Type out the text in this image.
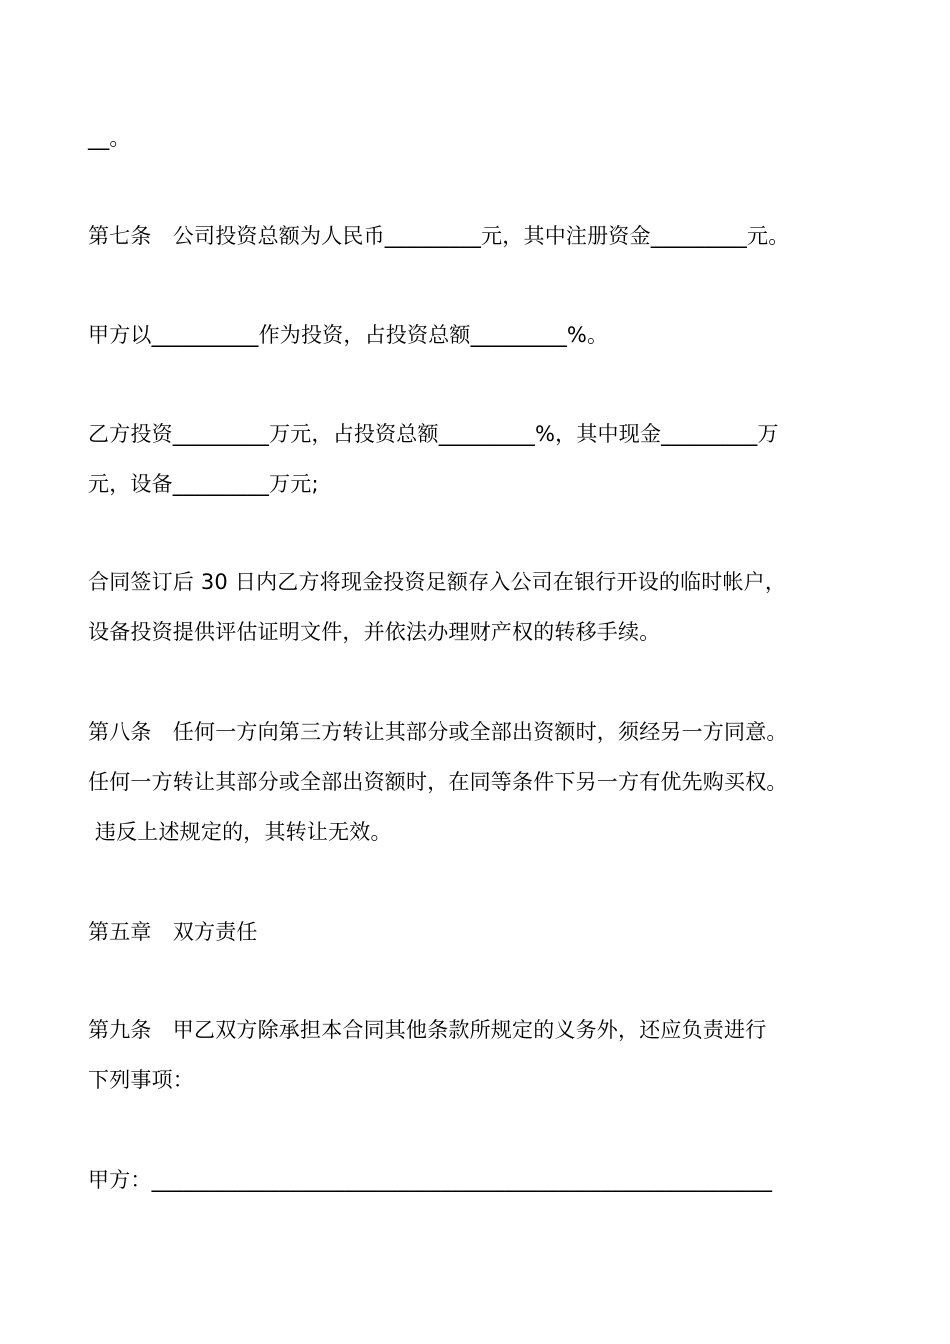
__。
第七条　公司投资总额为人民币_________元，其中注册资金_________元。
甲方以__________作为投资，占投资总额_________%。
乙方投资_________万元，占投资总额_________%，其中现金_________万
元，设备_________万元;
合同签订后 30 日内乙方将现金投资足额存入公司在银行开设的临时帐户，
设备投资提供评估证明文件，并依法办理财产权的转移手续。
第八条　任何一方向第三方转让其部分或全部出资额时，须经另一方同意。
任何一方转让其部分或全部出资额时，在同等条件下另一方有优先购买权。
违反上述规定的，其转让无效。
第五章　双方责任
第九条　甲乙双方除承担本合同其他条款所规定的义务外，还应负责进行
下列事项：
甲方：__________________________________________________________
